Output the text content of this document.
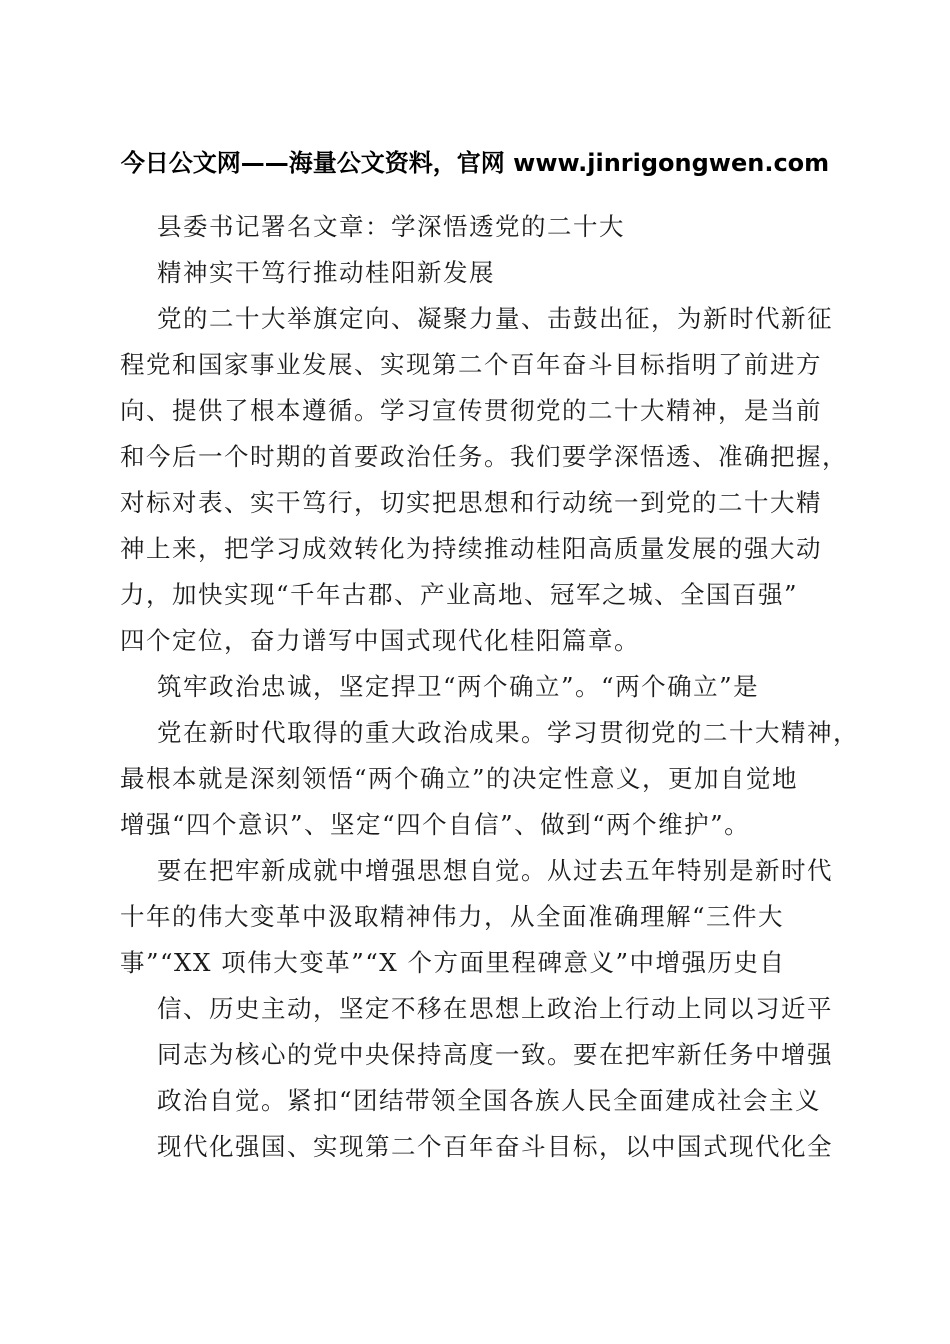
今日公文网——海量公文资料，官网 www.jinrigongwen.com
县委书记署名文章：学深悟透党的二十大
精神实干笃行推动桂阳新发展
党的二十大举旗定向、凝聚力量、击鼓出征，为新时代新征
程党和国家事业发展、实现第二个百年奋斗目标指明了前进方
向、提供了根本遵循。学习宣传贯彻党的二十大精神，是当前
和今后一个时期的首要政治任务。我们要学深悟透、准确把握，
对标对表、实干笃行，切实把思想和行动统一到党的二十大精
神上来，把学习成效转化为持续推动桂阳高质量发展的强大动
力，加快实现“千年古郡、产业高地、冠军之城、全国百强”
四个定位，奋力谱写中国式现代化桂阳篇章。
筑牢政治忠诚，坚定捍卫“两个确立”。“两个确立”是
党在新时代取得的重大政治成果。学习贯彻党的二十大精神，
最根本就是深刻领悟“两个确立”的决定性意义，更加自觉地
增强“四个意识”、坚定“四个自信”、做到“两个维护”。
要在把牢新成就中增强思想自觉。从过去五年特别是新时代
十年的伟大变革中汲取精神伟力，从全面准确理解“三件大
事”“XX 项伟大变革”“X 个方面里程碑意义”中增强历史自
信、历史主动，坚定不移在思想上政治上行动上同以习近平
同志为核心的党中央保持高度一致。要在把牢新任务中增强
政治自觉。紧扣“团结带领全国各族人民全面建成社会主义
现代化强国、实现第二个百年奋斗目标，以中国式现代化全
